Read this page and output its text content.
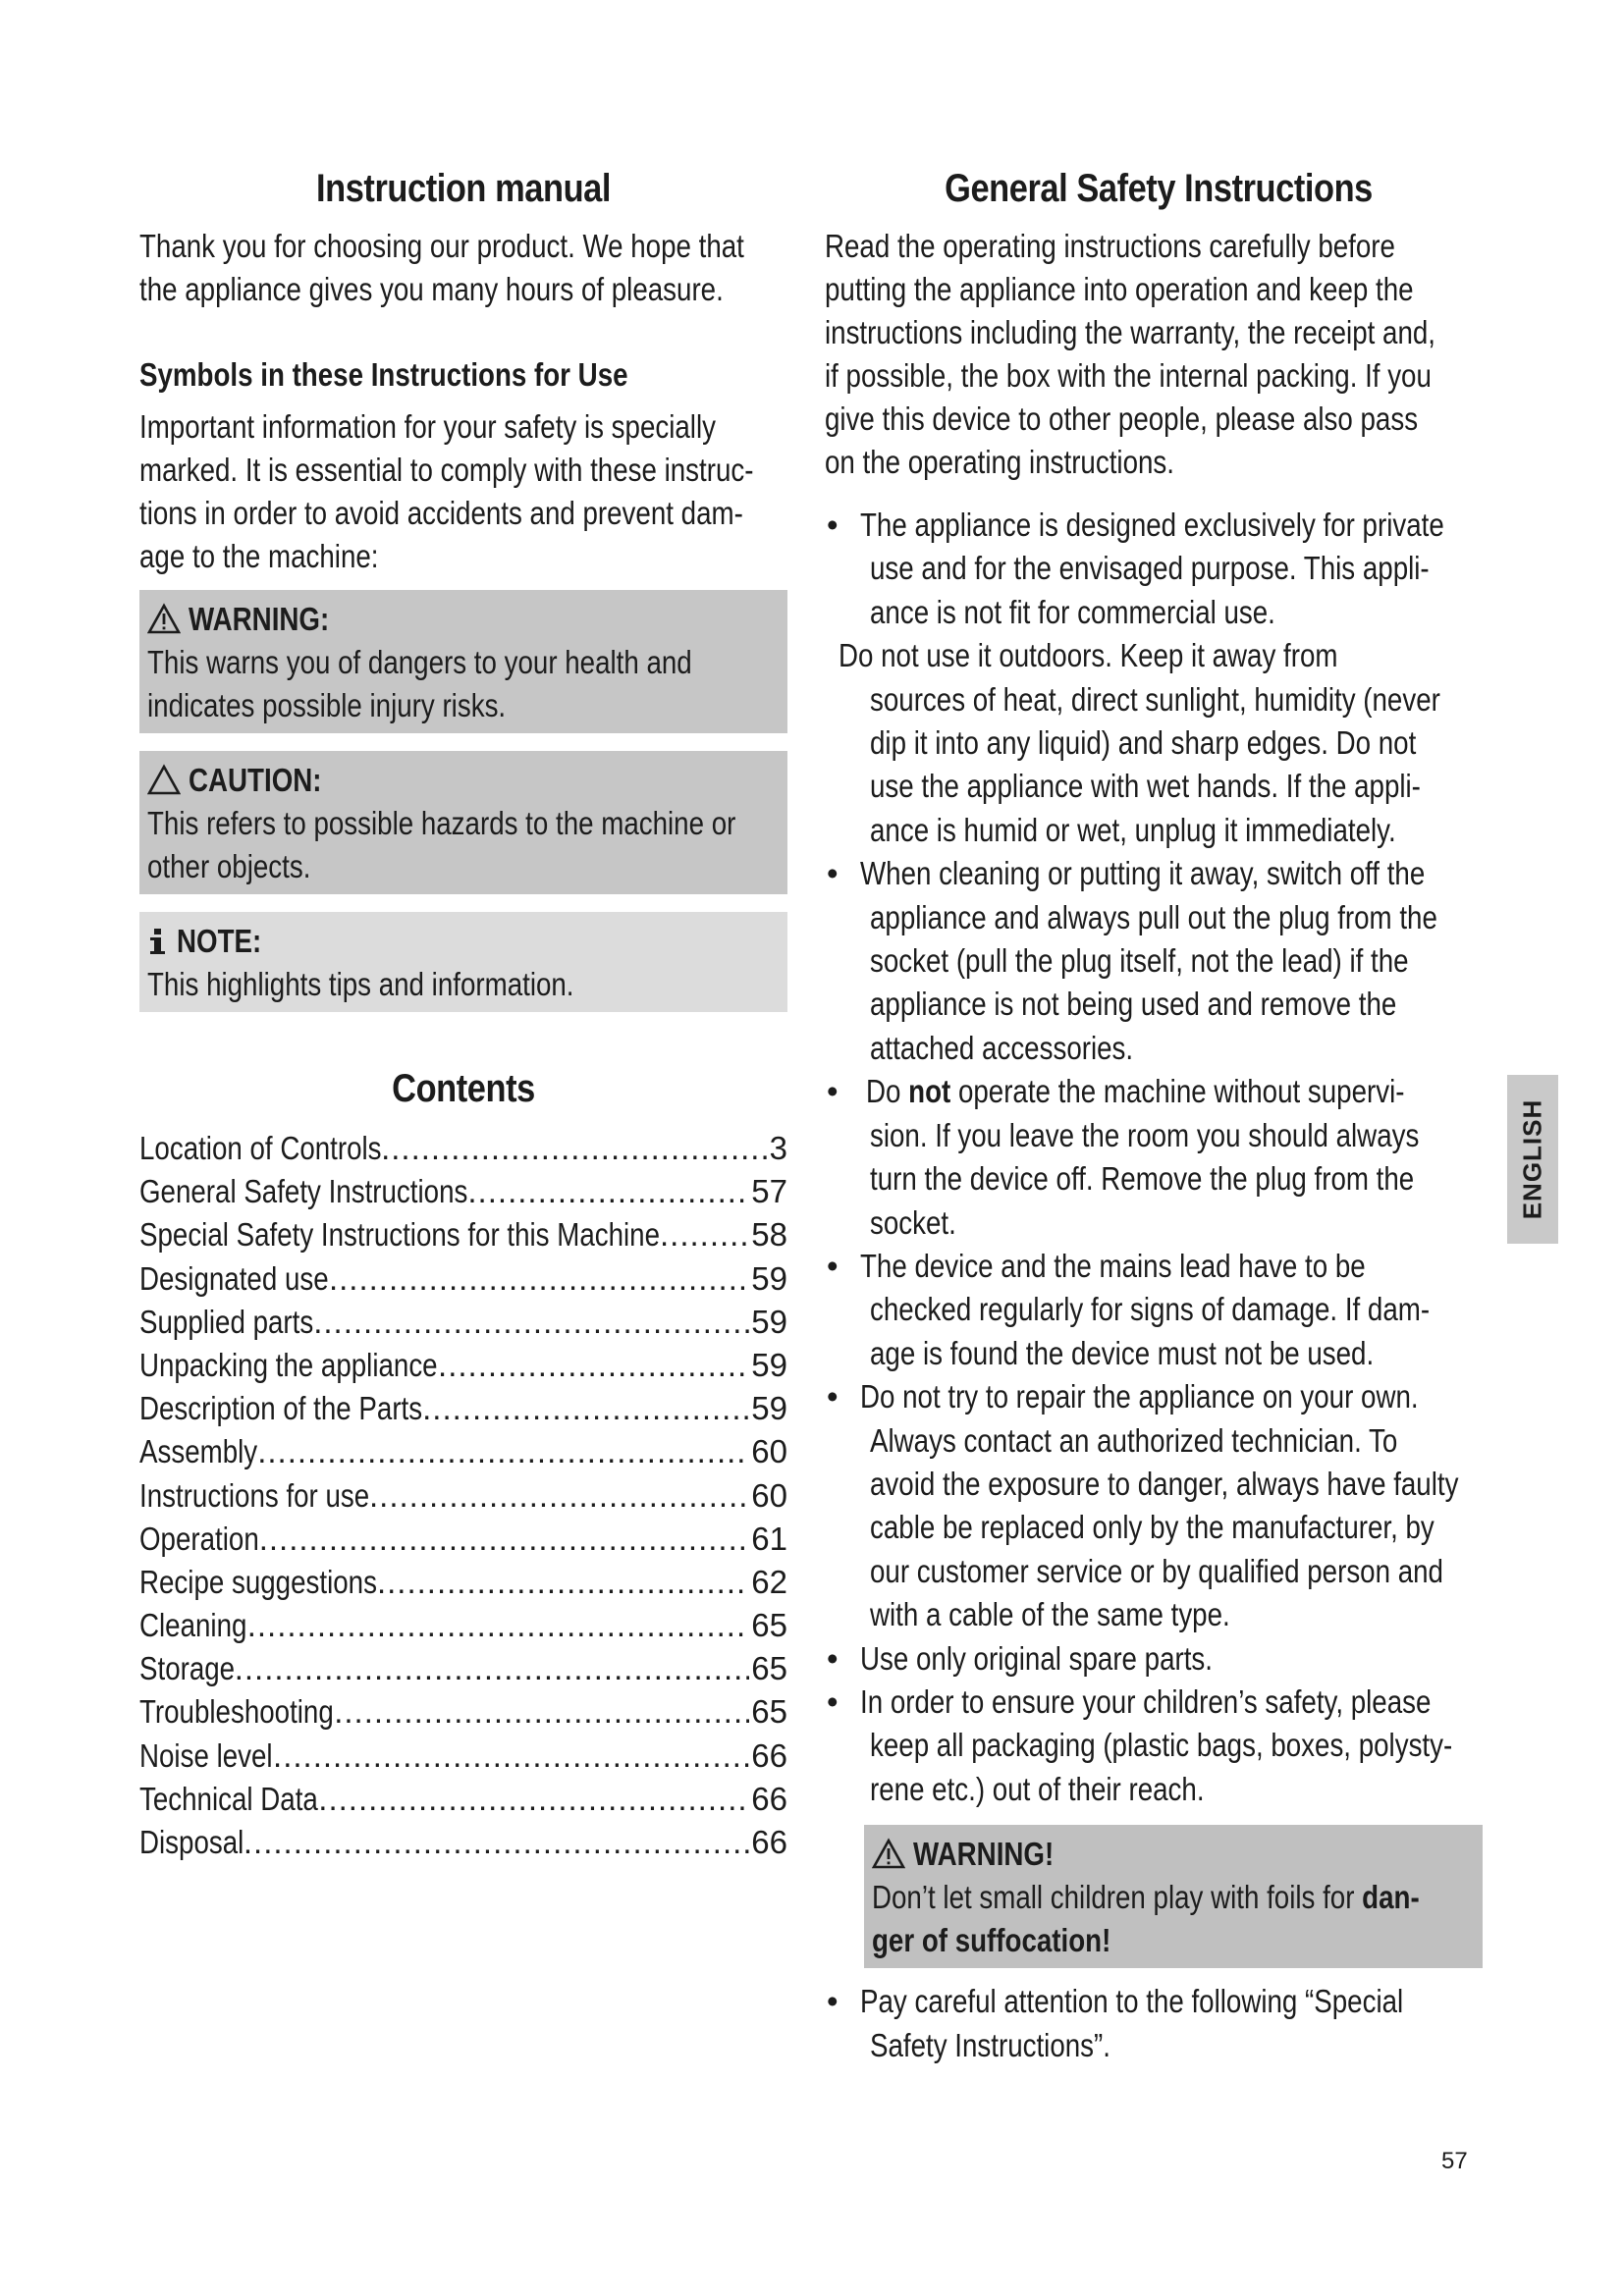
Instruction manual

Thank you for choosing our product. We hope that
the appliance gives you many hours of pleasure.

Symbols in these Instructions for Use

Important information for your safety is specially
marked. It is essential to comply with these instruc-
tions in order to avoid accidents and prevent dam-
age to the machine:

WARNING:
This warns you of dangers to your health and
indicates possible injury risks.
CAUTION:
This refers to possible hazards to the machine or
other objects.
NOTE:
This highlights tips and information.
Contents
Location of Controls .....	3
General Safety Instructions .....	57
Special Safety Instructions for this Machine .....	58
Designated use .....	59
Supplied parts .....	59
Unpacking the appliance .....	59
Description of the Parts .....	59
Assembly .....	60
Instructions for use .....	60
Operation .....	61
Recipe suggestions .....	62
Cleaning .....	65
Storage .....	65
Troubleshooting .....	65
Noise level .....	66
Technical Data .....	66
Disposal .....	66
General Safety Instructions

Read the operating instructions carefully before
putting the appliance into operation and keep the
instructions including the warranty, the receipt and,
if possible, the box with the internal packing. If you
give this device to other people, please also pass
on the operating instructions.

• The appliance is designed exclusively for private
use and for the envisaged purpose. This appli-
ance is not fit for commercial use.
Do not use it outdoors. Keep it away from
sources of heat, direct sunlight, humidity (never
dip it into any liquid) and sharp edges. Do not
use the appliance with wet hands. If the appli-
ance is humid or wet, unplug it immediately.
• When cleaning or putting it away, switch off the
appliance and always pull out the plug from the
socket (pull the plug itself, not the lead) if the
appliance is not being used and remove the
attached accessories.
• Do not operate the machine without supervi-
sion. If you leave the room you should always
turn the device off. Remove the plug from the
socket.
• The device and the mains lead have to be
checked regularly for signs of damage. If dam-
age is found the device must not be used.
• Do not try to repair the appliance on your own.
Always contact an authorized technician. To
avoid the exposure to danger, always have faulty
cable be replaced only by the manufacturer, by
our customer service or by qualified person and
with a cable of the same type.
• Use only original spare parts.
• In order to ensure your children’s safety, please
keep all packaging (plastic bags, boxes, polysty-
rene etc.) out of their reach.
WARNING!
Don’t let small children play with foils for dan-
ger of suffocation!
• Pay careful attention to the following “Special
Safety Instructions”.
ENGLISH
57
